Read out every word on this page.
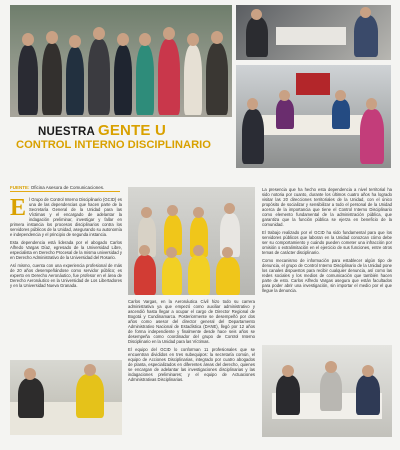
NUESTRA GENTE U
CONTROL INTERNO DISCIPLINARIO
FUENTE: Oficina Asesora de Comunicaciones.

El Grupo de Control Interno Disciplinario (GCID) es una de las dependencias que hacen parte de la Secretaría General de la Unidad para las Víctimas y el encargado de adelantar la indagación preliminar, investigar y fallar en primera instancia los procesos disciplinarios contra los servidores públicos de la Unidad, asegurando su autonomía e independencia y el principio de segunda instancia.

Esta dependencia está liderada por el abogado Carlos Alfredo Vargas Díaz, egresado de la Universidad Libre, especialista en Derecho Procesal de la misma universidad y en Derecho Administrativo de la Universidad del Rosario.

Así mismo, cuenta con una experiencia profesional de más de 20 años desempeñándose como servidor público; es experto en Derecho Aeronáutico, fue profesor en el área de Derecho Aeronáutico en la Universidad de Los Libertadores y en la Universidad Nueva Granada.

Carlos Vargas, en la Aeronáutica Civil hizo todo su carrera administrativa ya que empezó como auxiliar administrativo y ascendió hasta llegar a ocupar el cargo de Director Regional de Bogotá y Cundinamarca. Posteriormente se desempeñó por dos años como asesor del director general del Departamento Administrativo Nacional de Estadística (DANE), llegó por 12 años de forma independiente y finalmente desde hace seis años se desempeña como coordinador del grupo de Control Interno Disciplinario en la Unidad para las Víctimas.

El equipo del GCID lo conforman 11 profesionales que se encuentran divididos en tres subequipos: la secretaría común, el equipo de Acciones Disciplinarias, integrado por cuatro abogados de planta, especializados en diferentes áreas del derecho, quienes se encargan de adelantar las investigaciones disciplinarias y las indagaciones preliminares; y el equipo de Actuaciones Administrativas Disciplinarias.

La presencia que ha hecho esta dependencia a nivel territorial ha sido notoria por cuanto, durante los últimos cuatro años ha logrado visitar las 20 direcciones territoriales de la Unidad, con el único propósito de socializar y sensibilizar a todo el personal de la Unidad acerca de la importancia que tiene el Control Interno Disciplinario como elemento fundamental de la administración pública, que garantiza que la función pública se ejerza en beneficio de la comunidad.

El trabajo realizado por el GCID ha sido fundamental para que los servidores públicos que laboran en la Unidad conozcan cómo debe ser su comportamiento y cuándo pueden cometer una infracción por omisión o extralimitación en el ejercicio de sus funciones, entre otros temas de carácter disciplinario.

Como mecanismo de información para establecer algún tipo de denuncia, el grupo de Control Interno Disciplinario de la Unidad pone los canales dispuestos para recibir cualquier denuncia, así como las redes sociales y los medios de comunicación que también hacen parte de esto. Carlos Alfredo Vargas asegura que están facultados para poder abrir una investigación, sin importar el medio por el que llegue la denuncia.
